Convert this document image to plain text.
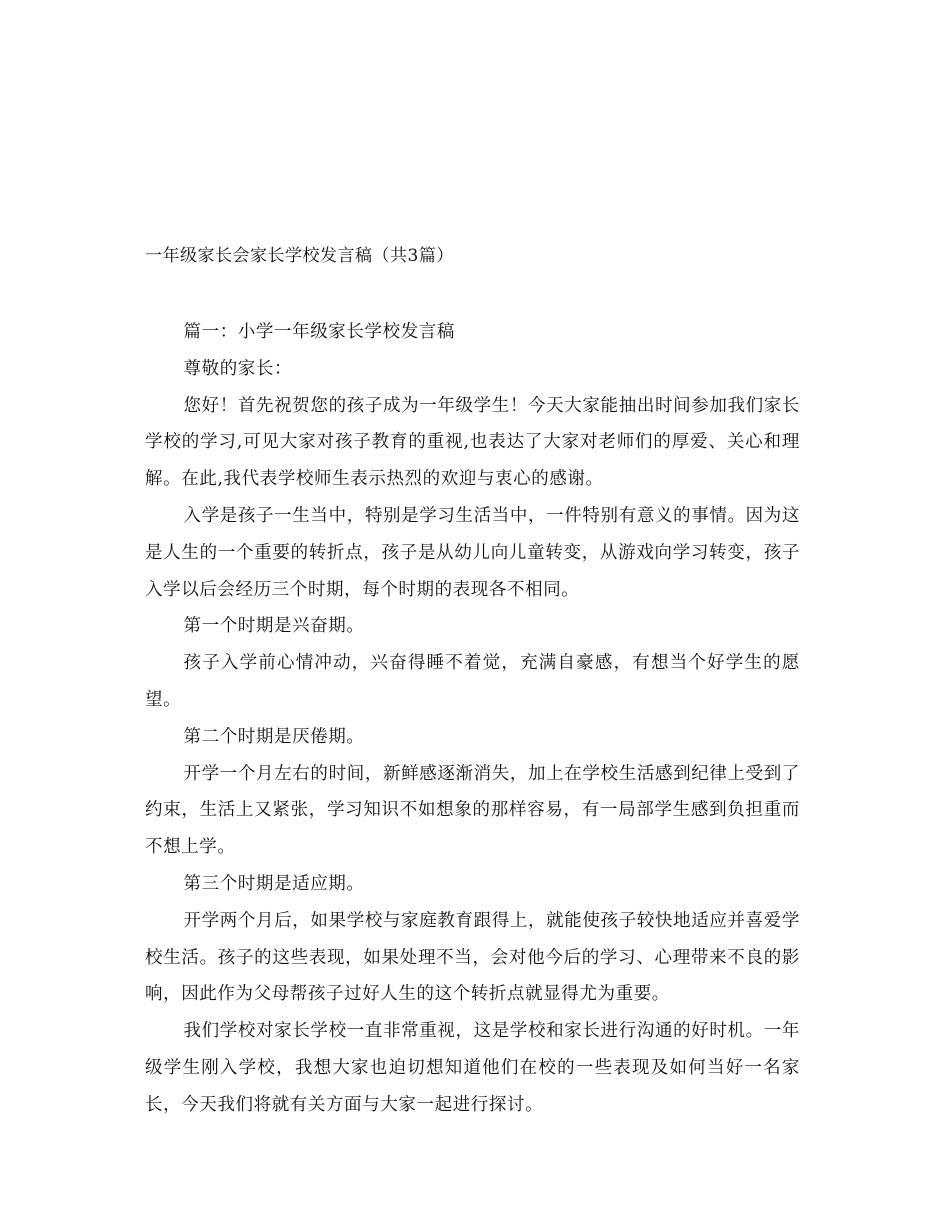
一年级家长会家长学校发言稿（共3篇）

篇一：小学一年级家长学校发言稿

尊敬的家长：

您好！首先祝贺您的孩子成为一年级学生！今天大家能抽出时间参加我们家长学校的学习,可见大家对孩子教育的重视,也表达了大家对老师们的厚爱、关心和理解。在此,我代表学校师生表示热烈的欢迎与衷心的感谢。

入学是孩子一生当中，特别是学习生活当中，一件特别有意义的事情。因为这是人生的一个重要的转折点，孩子是从幼儿向儿童转变，从游戏向学习转变，孩子入学以后会经历三个时期，每个时期的表现各不相同。

第一个时期是兴奋期。

孩子入学前心情冲动，兴奋得睡不着觉，充满自豪感，有想当个好学生的愿望。

第二个时期是厌倦期。

开学一个月左右的时间，新鲜感逐渐消失，加上在学校生活感到纪律上受到了约束，生活上又紧张，学习知识不如想象的那样容易，有一局部学生感到负担重而不想上学。

第三个时期是适应期。

开学两个月后，如果学校与家庭教育跟得上，就能使孩子较快地适应并喜爱学校生活。孩子的这些表现，如果处理不当，会对他今后的学习、心理带来不良的影响，因此作为父母帮孩子过好人生的这个转折点就显得尤为重要。

我们学校对家长学校一直非常重视，这是学校和家长进行沟通的好时机。一年级学生刚入学校，我想大家也迫切想知道他们在校的一些表现及如何当好一名家长，今天我们将就有关方面与大家一起进行探讨。
